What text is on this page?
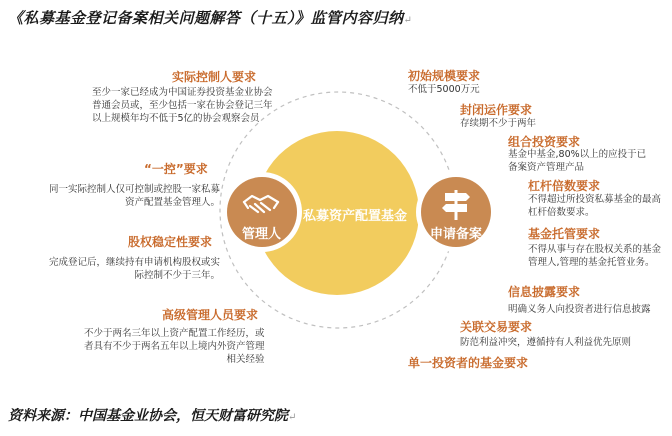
《私募基金登记备案相关问题解答（十五）》监管内容归纳↵
私募资产配置基金
管理人	申请备案
实际控制人要求
至少一家已经成为中国证券投资基金业协会
普通会员或，至少包括一家在协会登记三年
以上规模年均不低于5亿的协会观察会员
“一控”要求
同一实际控制人仅可控制或控股一家私募
资产配置基金管理人。
股权稳定性要求
完成登记后，继续持有申请机构股权或实
际控制不少于三年。
高级管理人员要求
不少于两名三年以上资产配置工作经历，或
者具有不少于两名五年以上境内外资产管理
相关经验
初始规模要求
不低于5000万元
封闭运作要求
存续期不少于两年
组合投资要求
基金中基金,80%以上的应投于已
备案资产管理产品
杠杆倍数要求
不得超过所投资私募基金的最高
杠杆倍数要求。
基金托管要求
不得从事与存在股权关系的基金
管理人,管理的基金托管业务。
信息披露要求
明确义务人向投资者进行信息披露
关联交易要求
防范利益冲突，遵循持有人利益优先原则
单一投资者的基金要求
资料来源：中国基金业协会，恒天财富研究院↵
